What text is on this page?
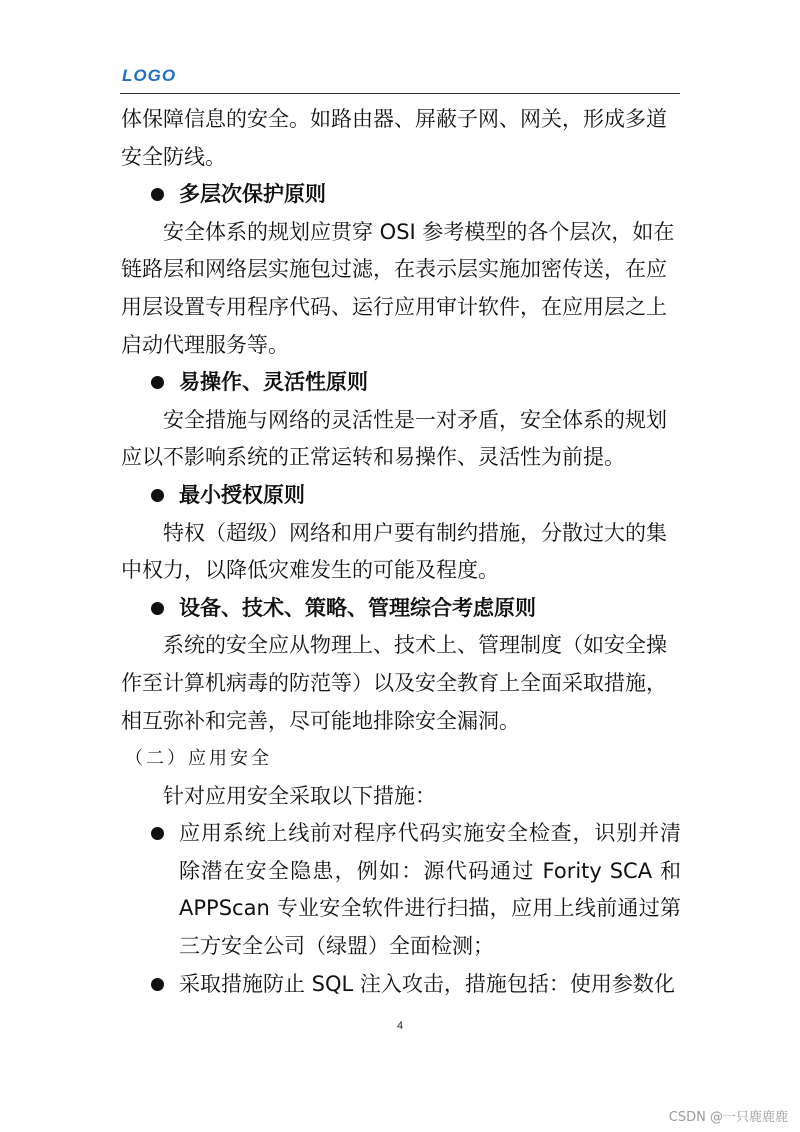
LOGO

体保障信息的安全。如路由器、屏蔽子网、网关，形成多道安全防线。

多层次保护原则

安全体系的规划应贯穿 OSI 参考模型的各个层次，如在链路层和网络层实施包过滤，在表示层实施加密传送，在应用层设置专用程序代码、运行应用审计软件，在应用层之上启动代理服务等。

易操作、灵活性原则

安全措施与网络的灵活性是一对矛盾，安全体系的规划应以不影响系统的正常运转和易操作、灵活性为前提。

最小授权原则

特权（超级）网络和用户要有制约措施，分散过大的集中权力，以降低灾难发生的可能及程度。

设备、技术、策略、管理综合考虑原则

系统的安全应从物理上、技术上、管理制度（如安全操作至计算机病毒的防范等）以及安全教育上全面采取措施，相互弥补和完善，尽可能地排除安全漏洞。

（二）应用安全

针对应用安全采取以下措施：

应用系统上线前对程序代码实施安全检查，识别并清除潜在安全隐患，例如：源代码通过 Fority SCA 和 APPScan 专业安全软件进行扫描，应用上线前通过第三方安全公司（绿盟）全面检测；

采取措施防止 SQL 注入攻击，措施包括：使用参数化

4
CSDN @一只鹿鹿鹿
